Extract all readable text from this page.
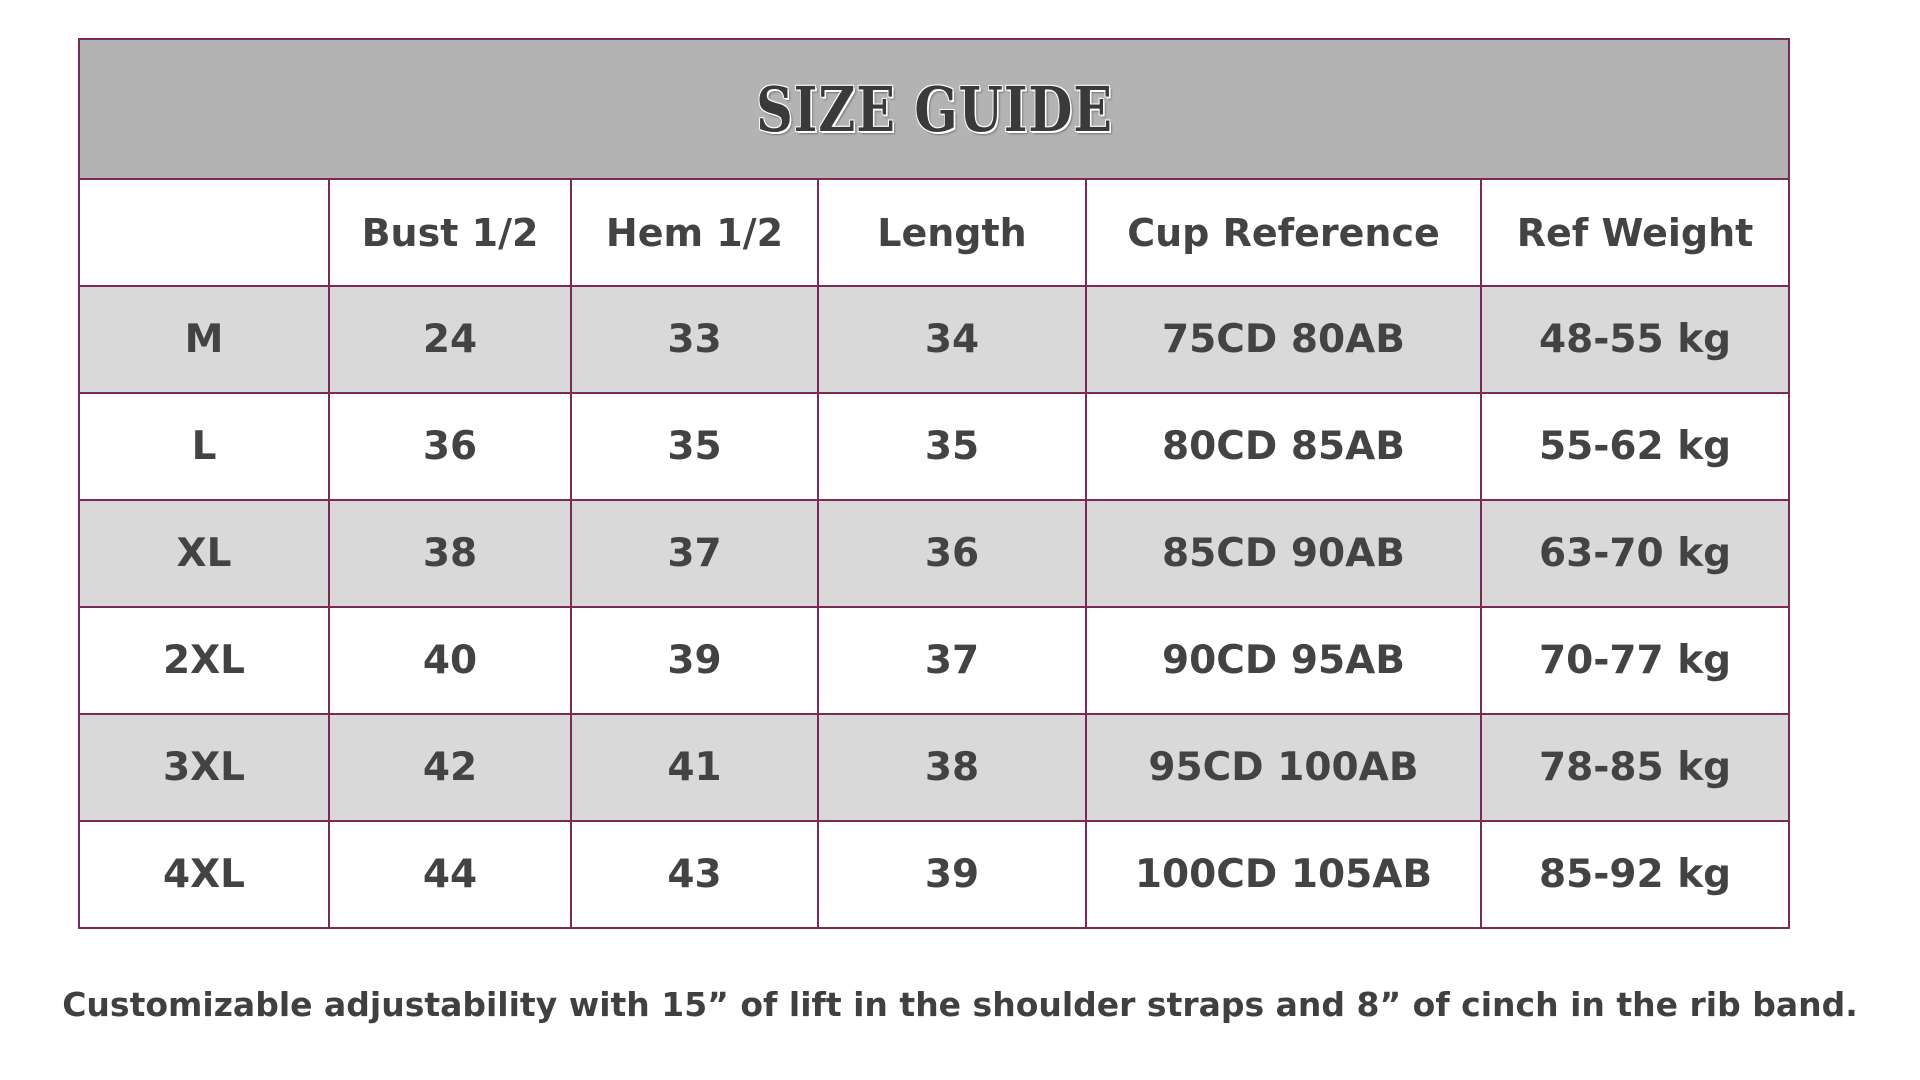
SIZE GUIDE					
	Bust 1/2	Hem 1/2	Length	Cup Reference	Ref Weight
M	24	33	34	75CD 80AB	48-55 kg
L	36	35	35	80CD 85AB	55-62 kg
XL	38	37	36	85CD 90AB	63-70 kg
2XL	40	39	37	90CD 95AB	70-77 kg
3XL	42	41	38	95CD 100AB	78-85 kg
4XL	44	43	39	100CD 105AB	85-92 kg
Customizable adjustability with 15” of lift in the shoulder straps and 8” of cinch in the rib band.
